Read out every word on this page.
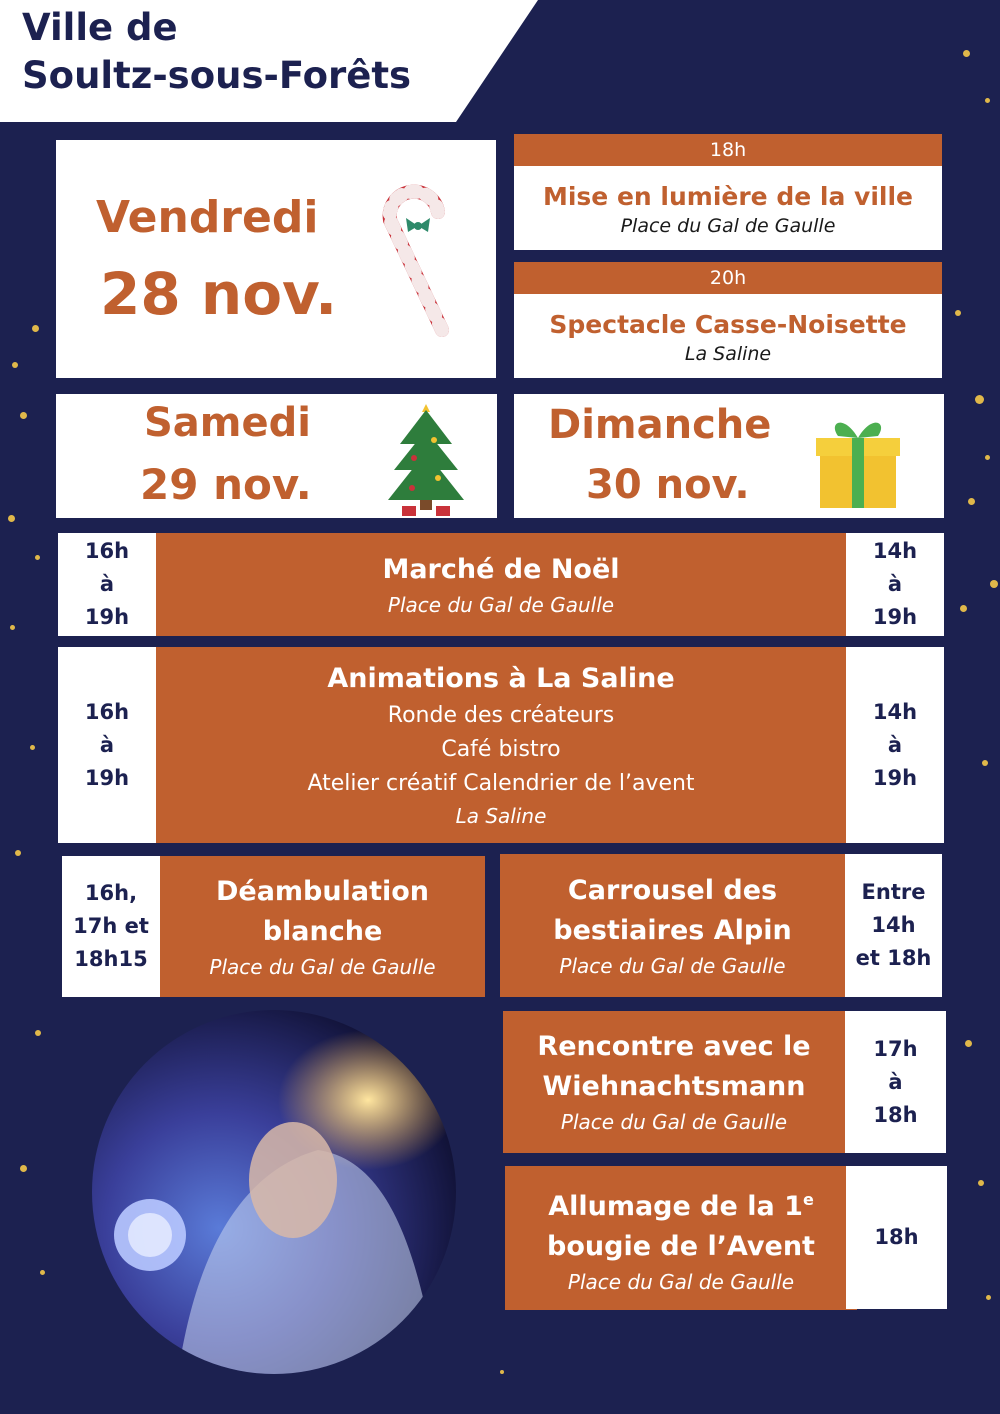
Ville de
Soultz-sous-Forêts
Vendredi
28 nov.
18h
Mise en lumière de la ville
Place du Gal de Gaulle
20h
Spectacle Casse-Noisette
La Saline
Samedi
29 nov.
Dimanche
30 nov.
16h
à
19h
Marché de Noël
Place du Gal de Gaulle
14h
à
19h
16h
à
19h
Animations à La Saline
Ronde des créateurs
Café bistro
Atelier créatif Calendrier de l’avent
La Saline
14h
à
19h
16h,
17h et
18h15
Déambulation
blanche
Place du Gal de Gaulle
Carrousel des
bestiaires Alpin
Place du Gal de Gaulle
Entre
14h
et 18h
Rencontre avec le
Wiehnachtsmann
Place du Gal de Gaulle
17h
à
18h
Allumage de la 1e
bougie de l’Avent
Place du Gal de Gaulle
18h
